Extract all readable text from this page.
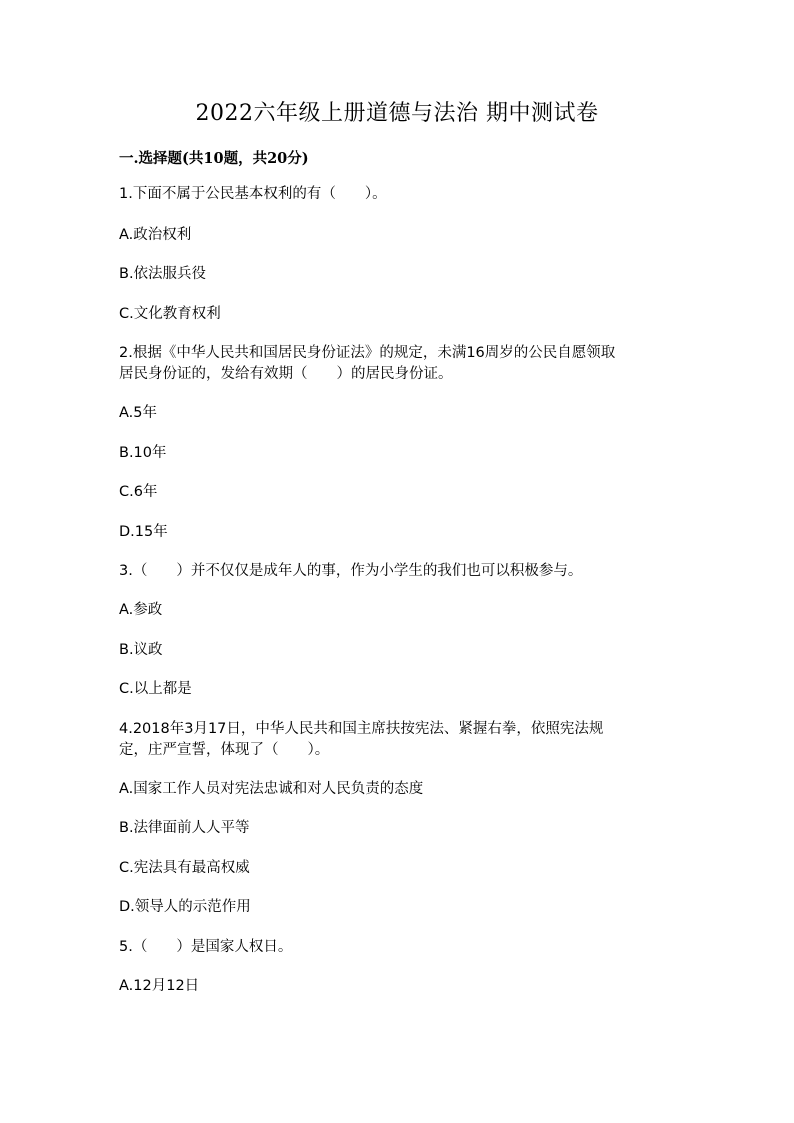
2022六年级上册道德与法治 期中测试卷
一.选择题(共10题，共20分)
1.下面不属于公民基本权利的有（　　）。
A.政治权利
B.依法服兵役
C.文化教育权利
2.根据《中华人民共和国居民身份证法》的规定，未满16周岁的公民自愿领取
居民身份证的，发给有效期（　　）的居民身份证。
A.5年
B.10年
C.6年
D.15年
3.（　　）并不仅仅是成年人的事，作为小学生的我们也可以积极参与。
A.参政
B.议政
C.以上都是
4.2018年3月17日，中华人民共和国主席扶按宪法、紧握右拳，依照宪法规
定，庄严宣誓，体现了（　　）。
A.国家工作人员对宪法忠诚和对人民负责的态度
B.法律面前人人平等
C.宪法具有最高权威
D.领导人的示范作用
5.（　　）是国家人权日。
A.12月12日
